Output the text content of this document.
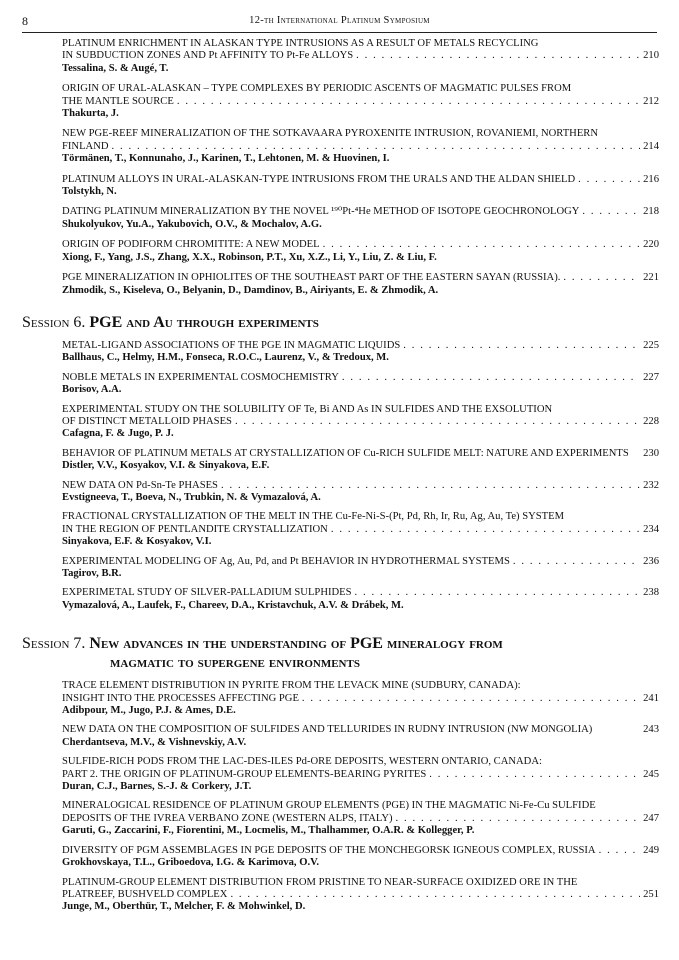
8	12-th International Platinum Symposium
PLATINUM ENRICHMENT IN ALASKAN TYPE INTRUSIONS AS A RESULT OF METALS RECYCLING
IN SUBDUCTION ZONES AND Pt AFFINITY TO Pt-Fe ALLOYS . . .	210
Tessalina, S. & Augé, T.
ORIGIN OF URAL-ALASKAN – TYPE COMPLEXES BY PERIODIC ASCENTS OF MAGMATIC PULSES FROM
THE MANTLE SOURCE . . .	212
Thakurta, J.
NEW PGE-REEF MINERALIZATION OF THE SOTKAVAARA PYROXENITE INTRUSION, ROVANIEMI, NORTHERN
FINLAND . . .	214
Törmänen, T., Konnunaho, J., Karinen, T., Lehtonen, M. & Huovinen, I.
PLATINUM ALLOYS IN URAL-ALASKAN-TYPE INTRUSIONS FROM THE URALS AND THE ALDAN SHIELD . . .	216
Tolstykh, N.
DATING PLATINUM MINERALIZATION BY THE NOVEL ¹⁹⁰Pt-⁴He METHOD OF ISOTOPE GEOCHRONOLOGY . . .	218
Shukolyukov, Yu.A., Yakubovich, O.V., & Mochalov, A.G.
ORIGIN OF PODIFORM CHROMITITE: A NEW MODEL . . .	220
Xiong, F., Yang, J.S., Zhang, X.X., Robinson, P.T., Xu, X.Z., Li, Y., Liu, Z. & Liu, F.
PGE MINERALIZATION IN OPHIOLITES OF THE SOUTHEAST PART OF THE EASTERN SAYAN (RUSSIA). . . .	221
Zhmodik, S., Kiseleva, O., Belyanin, D., Damdinov, B., Airiyants, E. & Zhmodik, A.
Session 6. PGE and Au through experiments
METAL-LIGAND ASSOCIATIONS OF THE PGE IN MAGMATIC LIQUIDS . . .	225
Ballhaus, C., Helmy, H.M., Fonseca, R.O.C., Laurenz, V., & Tredoux, M.
NOBLE METALS IN EXPERIMENTAL COSMOCHEMISTRY . . .	227
Borisov, A.A.
EXPERIMENTAL STUDY ON THE SOLUBILITY OF Te, Bi AND As IN SULFIDES AND THE EXSOLUTION
OF DISTINCT METALLOID PHASES . . .	228
Cafagna, F. & Jugo, P. J.
BEHAVIOR OF PLATINUM METALS AT CRYSTALLIZATION OF Cu-RICH SULFIDE MELT: NATURE AND EXPERIMENTS 230
Distler, V.V., Kosyakov, V.I. & Sinyakova, E.F.
NEW DATA ON Pd-Sn-Te PHASES . . .	232
Evstigneeva, T., Boeva, N., Trubkin, N. & Vymazalová, A.
FRACTIONAL CRYSTALLIZATION OF THE MELT IN THE Cu-Fe-Ni-S-(Pt, Pd, Rh, Ir, Ru, Ag, Au, Te) SYSTEM
IN THE REGION OF PENTLANDITE CRYSTALLIZATION . . .	234
Sinyakova, E.F. & Kosyakov, V.I.
EXPERIMENTAL MODELING OF Ag, Au, Pd, and Pt BEHAVIOR IN HYDROTHERMAL SYSTEMS . . .	236
Tagirov, B.R.
EXPERIMETAL STUDY OF SILVER-PALLADIUM SULPHIDES . . .	238
Vymazalová, A., Laufek, F., Chareev, D.A., Kristavchuk, A.V. & Drábek, M.
Session 7. New advances in the understanding of PGE mineralogy from
magmatic to supergene environments
TRACE ELEMENT DISTRIBUTION IN PYRITE FROM THE LEVACK MINE (SUDBURY, CANADA):
INSIGHT INTO THE PROCESSES AFFECTING PGE . . .	241
Adibpour, M., Jugo, P.J. & Ames, D.E.
NEW DATA ON THE COMPOSITION OF SULFIDES AND TELLURIDES IN RUDNY INTRUSION (NW MONGOLIA)	243
Cherdantseva, M.V., & Vishnevskiy, A.V.
SULFIDE-RICH PODS FROM THE LAC-DES-ILES Pd-ORE DEPOSITS, WESTERN ONTARIO, CANADA:
PART 2. THE ORIGIN OF PLATINUM-GROUP ELEMENTS-BEARING PYRITES . . .	245
Duran, C.J., Barnes, S.-J. & Corkery, J.T.
MINERALOGICAL RESIDENCE OF PLATINUM GROUP ELEMENTS (PGE) IN THE MAGMATIC Ni-Fe-Cu SULFIDE
DEPOSITS OF THE IVREA VERBANO ZONE (WESTERN ALPS, ITALY) . . .	247
Garuti, G., Zaccarini, F., Fiorentini, M., Locmelis, M., Thalhammer, O.A.R. & Kollegger, P.
DIVERSITY OF PGM ASSEMBLAGES IN PGE DEPOSITS OF THE MONCHEGORSK IGNEOUS COMPLEX, RUSSIA . . .	249
Grokhovskaya, T.L., Griboedova, I.G. & Karimova, O.V.
PLATINUM-GROUP ELEMENT DISTRIBUTION FROM PRISTINE TO NEAR-SURFACE OXIDIZED ORE IN THE
PLATREEF, BUSHVELD COMPLEX . . .	251
Junge, M., Oberthür, T., Melcher, F. & Mohwinkel, D.
